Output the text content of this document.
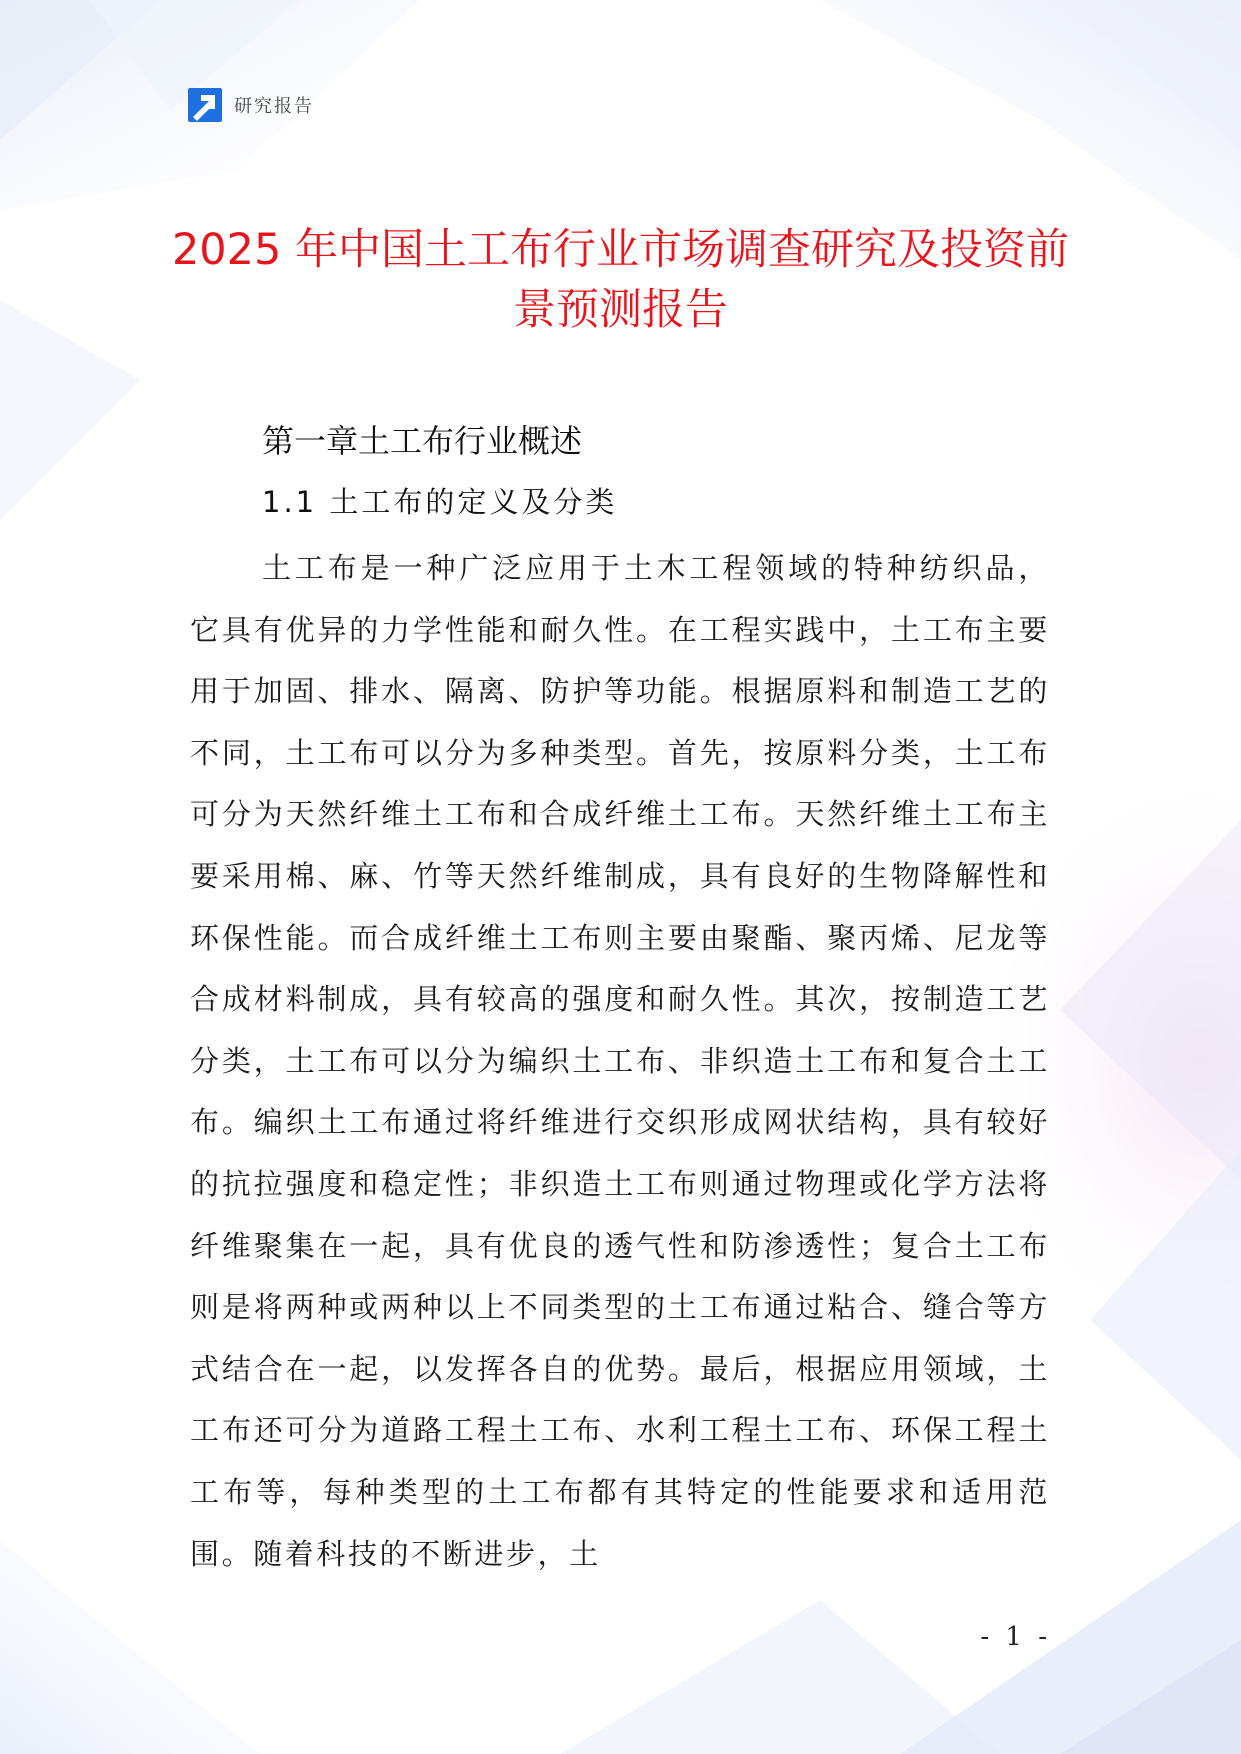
研究报告
2025 年中国土工布行业市场调查研究及投资前景预测报告
第一章土工布行业概述
1.1 土工布的定义及分类

土工布是一种广泛应用于土木工程领域的特种纺织品，它具有优异的力学性能和耐久性。在工程实践中，土工布主要用于加固、排水、隔离、防护等功能。根据原料和制造工艺的不同，土工布可以分为多种类型。首先，按原料分类，土工布可分为天然纤维土工布和合成纤维土工布。天然纤维土工布主要采用棉、麻、竹等天然纤维制成，具有良好的生物降解性和环保性能。而合成纤维土工布则主要由聚酯、聚丙烯、尼龙等合成材料制成，具有较高的强度和耐久性。其次，按制造工艺分类，土工布可以分为编织土工布、非织造土工布和复合土工布。编织土工布通过将纤维进行交织形成网状结构，具有较好的抗拉强度和稳定性；非织造土工布则通过物理或化学方法将纤维聚集在一起，具有优良的透气性和防渗透性；复合土工布则是将两种或两种以上不同类型的土工布通过粘合、缝合等方式结合在一起，以发挥各自的优势。最后，根据应用领域，土工布还可分为道路工程土工布、水利工程土工布、环保工程土工布等，每种类型的土工布都有其特定的性能要求和适用范围。随着科技的不断进步，土

- 1 -
